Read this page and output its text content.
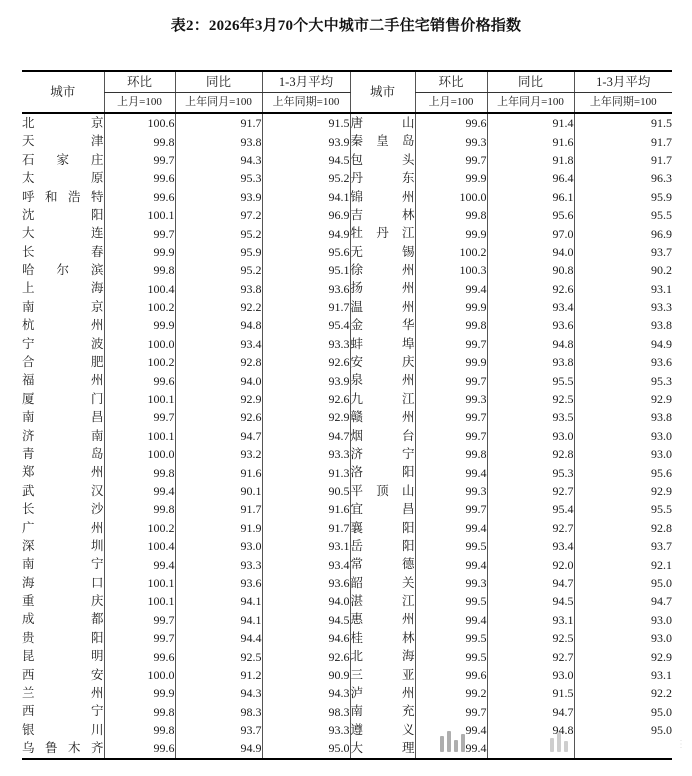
表2：2026年3月70个大中城市二手住宅销售价格指数
城市	环比	同比	1-3月平均	城市	环比	同比	1-3月平均
	上月=100	上年同月=100	上年同期=100		上月=100	上年同月=100	上年同期=100
北京	100.6	91.7	91.5	唐山	99.6	91.4	91.5
天津	99.8	93.8	93.9	秦皇岛	99.3	91.6	91.7
石家庄	99.7	94.3	94.5	包头	99.7	91.8	91.7
太原	99.6	95.3	95.2	丹东	99.9	96.4	96.3
呼和浩特	99.6	93.9	94.1	锦州	100.0	96.1	95.9
沈阳	100.1	97.2	96.9	吉林	99.8	95.6	95.5
大连	99.7	95.2	94.9	牡丹江	99.9	97.0	96.9
长春	99.9	95.9	95.6	无锡	100.2	94.0	93.7
哈尔滨	99.8	95.2	95.1	徐州	100.3	90.8	90.2
上海	100.4	93.8	93.6	扬州	99.4	92.6	93.1
南京	100.2	92.2	91.7	温州	99.9	93.4	93.3
杭州	99.9	94.8	95.4	金华	99.8	93.6	93.8
宁波	100.0	93.4	93.3	蚌埠	99.7	94.8	94.9
合肥	100.2	92.8	92.6	安庆	99.9	93.8	93.6
福州	99.6	94.0	93.9	泉州	99.7	95.5	95.3
厦门	100.1	92.9	92.6	九江	99.3	92.5	92.9
南昌	99.7	92.6	92.9	赣州	99.7	93.5	93.8
济南	100.1	94.7	94.7	烟台	99.7	93.0	93.0
青岛	100.0	93.2	93.3	济宁	99.8	92.8	93.0
郑州	99.8	91.6	91.3	洛阳	99.4	95.3	95.6
武汉	99.4	90.1	90.5	平顶山	99.3	92.7	92.9
长沙	99.8	91.7	91.6	宜昌	99.7	95.4	95.5
广州	100.2	91.9	91.7	襄阳	99.4	92.7	92.8
深圳	100.4	93.0	93.1	岳阳	99.5	93.4	93.7
南宁	99.4	93.3	93.4	常德	99.4	92.0	92.1
海口	100.1	93.6	93.6	韶关	99.3	94.7	95.0
重庆	100.1	94.1	94.0	湛江	99.5	94.5	94.7
成都	99.7	94.1	94.5	惠州	99.4	93.1	93.0
贵阳	99.7	94.4	94.6	桂林	99.5	92.5	93.0
昆明	99.6	92.5	92.6	北海	99.5	92.7	92.9
西安	100.0	91.2	90.9	三亚	99.6	93.0	93.1
兰州	99.9	94.3	94.3	泸州	99.2	91.5	92.2
西宁	99.8	98.3	98.3	南充	99.7	94.7	95.0
银川	99.8	93.7	93.3	遵义	99.4	94.8	95.0
乌鲁木齐	99.6	94.9	95.0	大理	99.4			⋮
